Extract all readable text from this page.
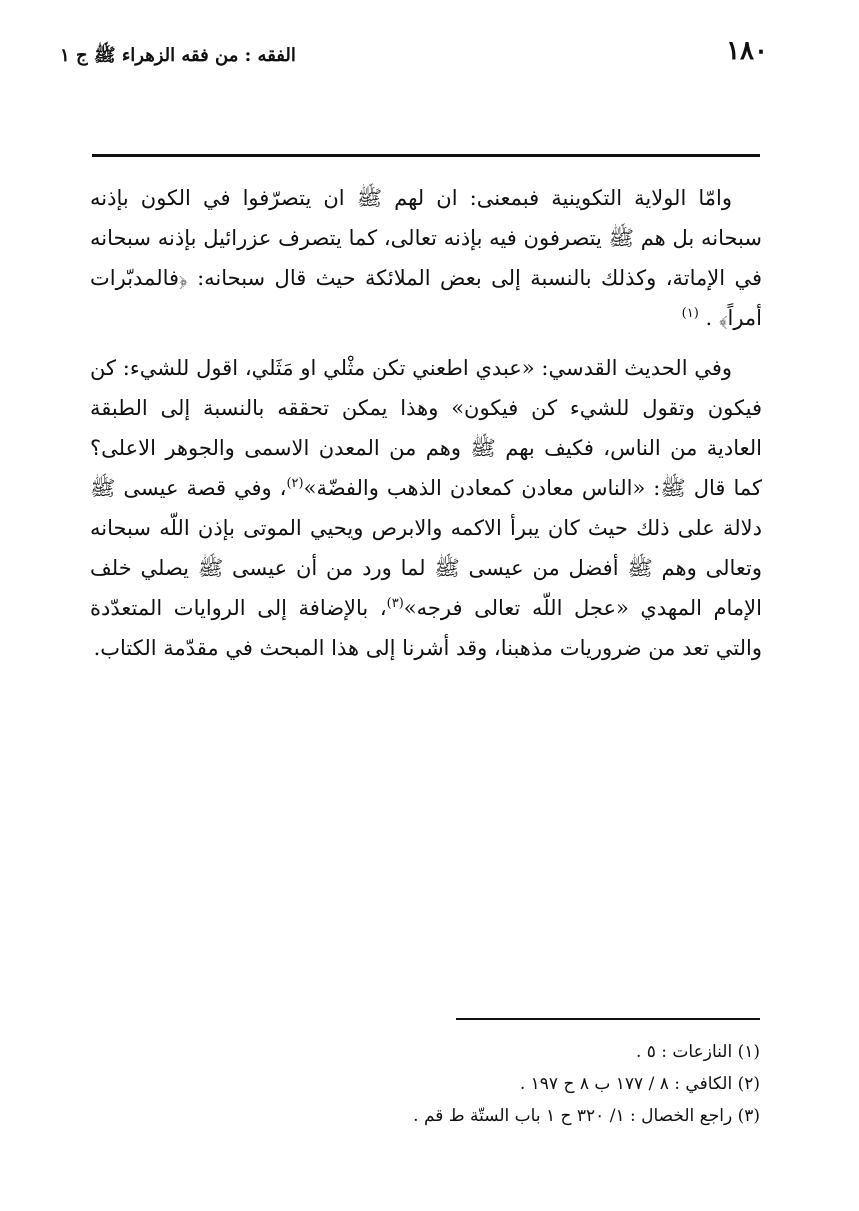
١٨٠
الفقه : من فقه الزهراء ﷺ ج ١

وامّا الولاية التكوينية فبمعنى: ان لهم ﷺ ان يتصرّفوا في الكون بإذنه سبحانه بل هم ﷺ يتصرفون فيه بإذنه تعالى، كما يتصرف عزرائيل بإذنه سبحانه في الإماتة، وكذلك بالنسبة إلى بعض الملائكة حيث قال سبحانه: ﴿فالمدبّرات أمراً﴾ . $^{(١)}$

وفي الحديث القدسي: «عبدي اطعني تكن مثْلي او مَثَلي، اقول للشيء: كن فيكون وتقول للشيء كن فيكون» وهذا يمكن تحققه بالنسبة إلى الطبقة العادية من الناس، فكيف بهم ﷺ وهم من المعدن الاسمى والجوهر الاعلى؟ كما قال ﷺ: «الناس معادن كمعادن الذهب والفضّة»$^{(٢)}$، وفي قصة عيسى ﷺ دلالة على ذلك حيث كان يبرأ الاكمه والابرص ويحيي الموتى بإذن اللّه سبحانه وتعالى وهم ﷺ أفضل من عيسى ﷺ لما ورد من أن عيسى ﷺ يصلي خلف الإمام المهدي «عجل اللّه تعالى فرجه»$^{(٣)}$، بالإضافة إلى الروايات المتعدّدة والتي تعد من ضروريات مذهبنا، وقد أشرنا إلى هذا المبحث في مقدّمة الكتاب.

(١) النازعات : ٥ .
(٢) الكافي : ٨ / ١٧٧ ب ٨ ح ١٩٧ .
(٣) راجع الخصال : ١/ ٣٢٠ ح ١ باب الستّة ط قم .
